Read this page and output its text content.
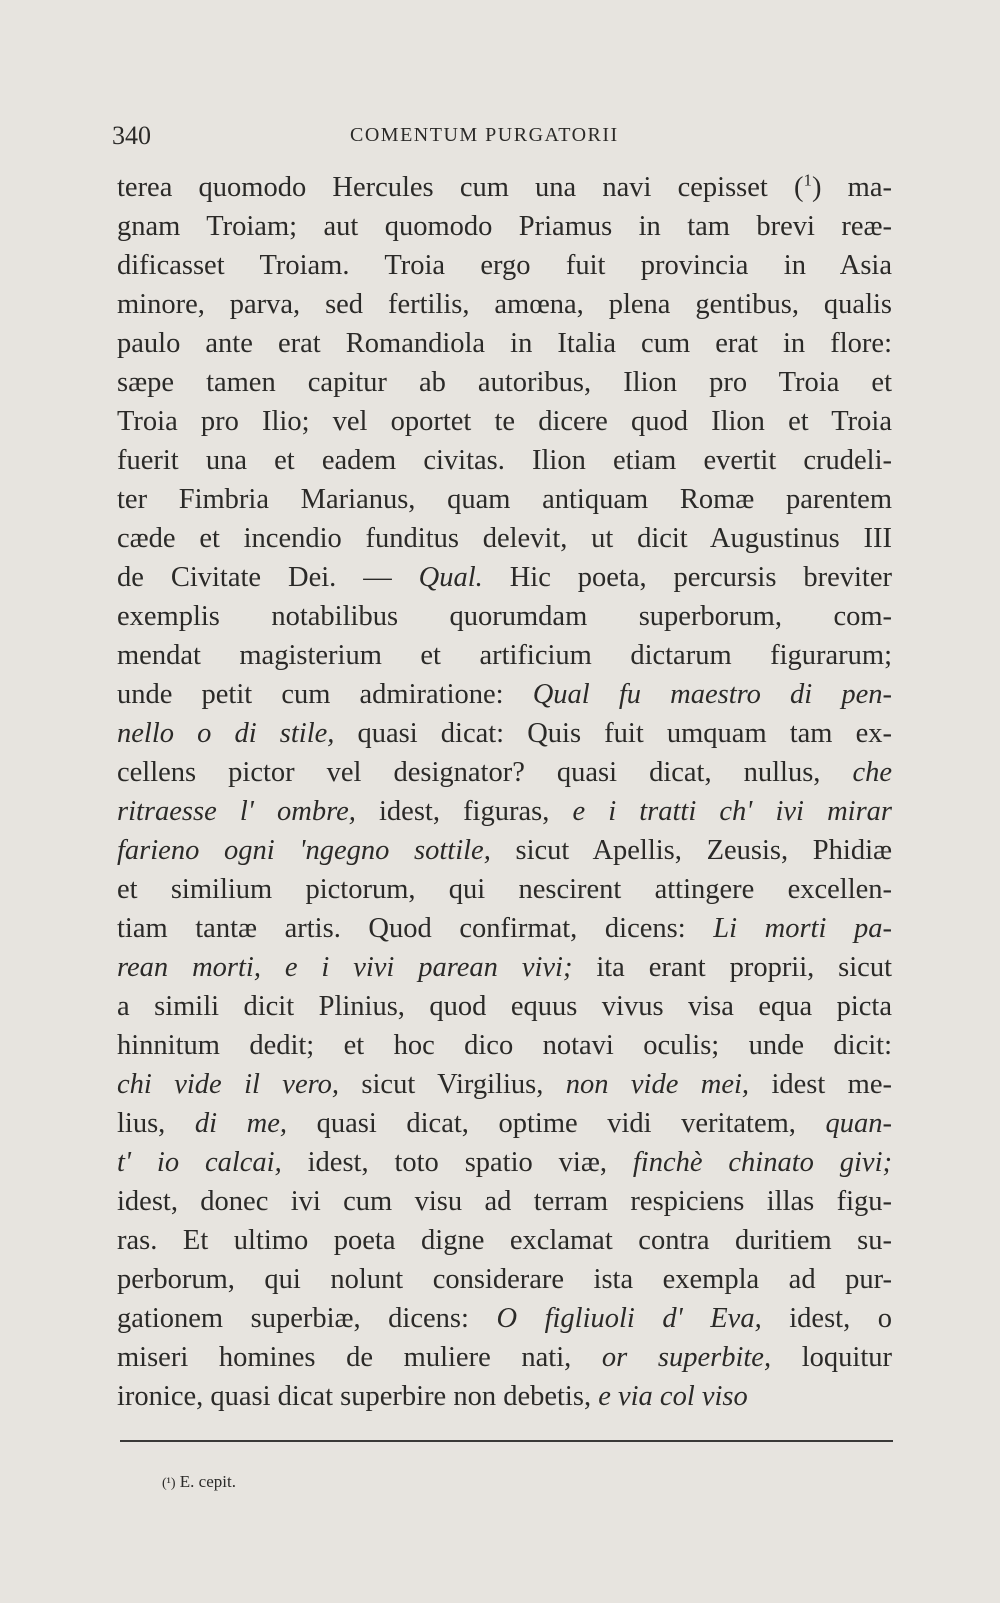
340	COMENTUM PURGATORII
terea quomodo Hercules cum una navi cepisset ($^1$) ma-
gnam Troiam; aut quomodo Priamus in tam brevi reæ-
dificasset Troiam. Troia ergo fuit provincia in Asia
minore, parva, sed fertilis, amœna, plena gentibus, qualis
paulo ante erat Romandiola in Italia cum erat in flore:
sæpe tamen capitur ab autoribus, Ilion pro Troia et
Troia pro Ilio; vel oportet te dicere quod Ilion et Troia
fuerit una et eadem civitas. Ilion etiam evertit crudeli-
ter Fimbria Marianus, quam antiquam Romæ parentem
cæde et incendio funditus delevit, ut dicit Augustinus III
de Civitate Dei. — Qual. Hic poeta, percursis breviter
exemplis notabilibus quorumdam superborum, com-
mendat magisterium et artificium dictarum figurarum;
unde petit cum admiratione: Qual fu maestro di pen-
nello o di stile, quasi dicat: Quis fuit umquam tam ex-
cellens pictor vel designator? quasi dicat, nullus, che
ritraesse l' ombre, idest, figuras, e i tratti ch' ivi mirar
farieno ogni 'ngegno sottile, sicut Apellis, Zeusis, Phidiæ
et similium pictorum, qui nescirent attingere excellen-
tiam tantæ artis. Quod confirmat, dicens: Li morti pa-
rean morti, e i vivi parean vivi; ita erant proprii, sicut
a simili dicit Plinius, quod equus vivus visa equa picta
hinnitum dedit; et hoc dico notavi oculis; unde dicit:
chi vide il vero, sicut Virgilius, non vide mei, idest me-
lius, di me, quasi dicat, optime vidi veritatem, quan-
t' io calcai, idest, toto spatio viæ, finchè chinato givi;
idest, donec ivi cum visu ad terram respiciens illas figu-
ras. Et ultimo poeta digne exclamat contra duritiem su-
perborum, qui nolunt considerare ista exempla ad pur-
gationem superbiæ, dicens: O figliuoli d' Eva, idest, o
miseri homines de muliere nati, or superbite, loquitur
ironice, quasi dicat superbire non debetis, e via col viso
(¹) E. cepit.
